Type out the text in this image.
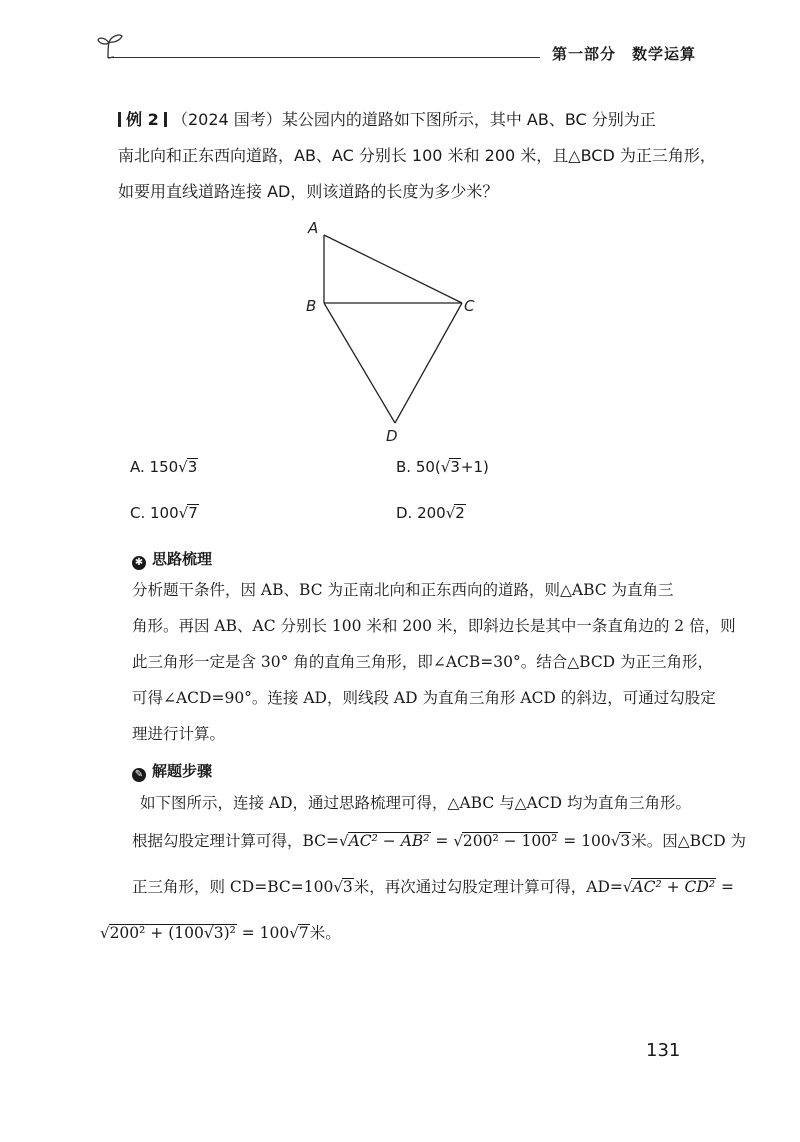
第一部分　数学运算
例 2 （2024 国考）某公园内的道路如下图所示，其中 AB、BC 分别为正
南北向和正东西向道路，AB、AC 分别长 100 米和 200 米，且△BCD 为正三角形，
如要用直线道路连接 AD，则该道路的长度为多少米？
A
B	C
D
A. 150√3	B. 50(√3+1)
C. 100√7	D. 200√2
✱ 思路梳理
分析题干条件，因 AB、BC 为正南北向和正东西向的道路，则△ABC 为直角三
角形。再因 AB、AC 分别长 100 米和 200 米，即斜边长是其中一条直角边的 2 倍，则
此三角形一定是含 30° 角的直角三角形，即∠ACB=30°。结合△BCD 为正三角形，
可得∠ACD=90°。连接 AD，则线段 AD 为直角三角形 ACD 的斜边，可通过勾股定
理进行计算。
✎ 解题步骤
如下图所示，连接 AD，通过思路梳理可得，△ABC 与△ACD 均为直角三角形。
根据勾股定理计算可得，BC=√AC² − AB² = √200² − 100² = 100√3米。因△BCD 为
正三角形，则 CD=BC=100√3米，再次通过勾股定理计算可得，AD=√AC² + CD² =
√200² + (100√3)² = 100√7米。
131
